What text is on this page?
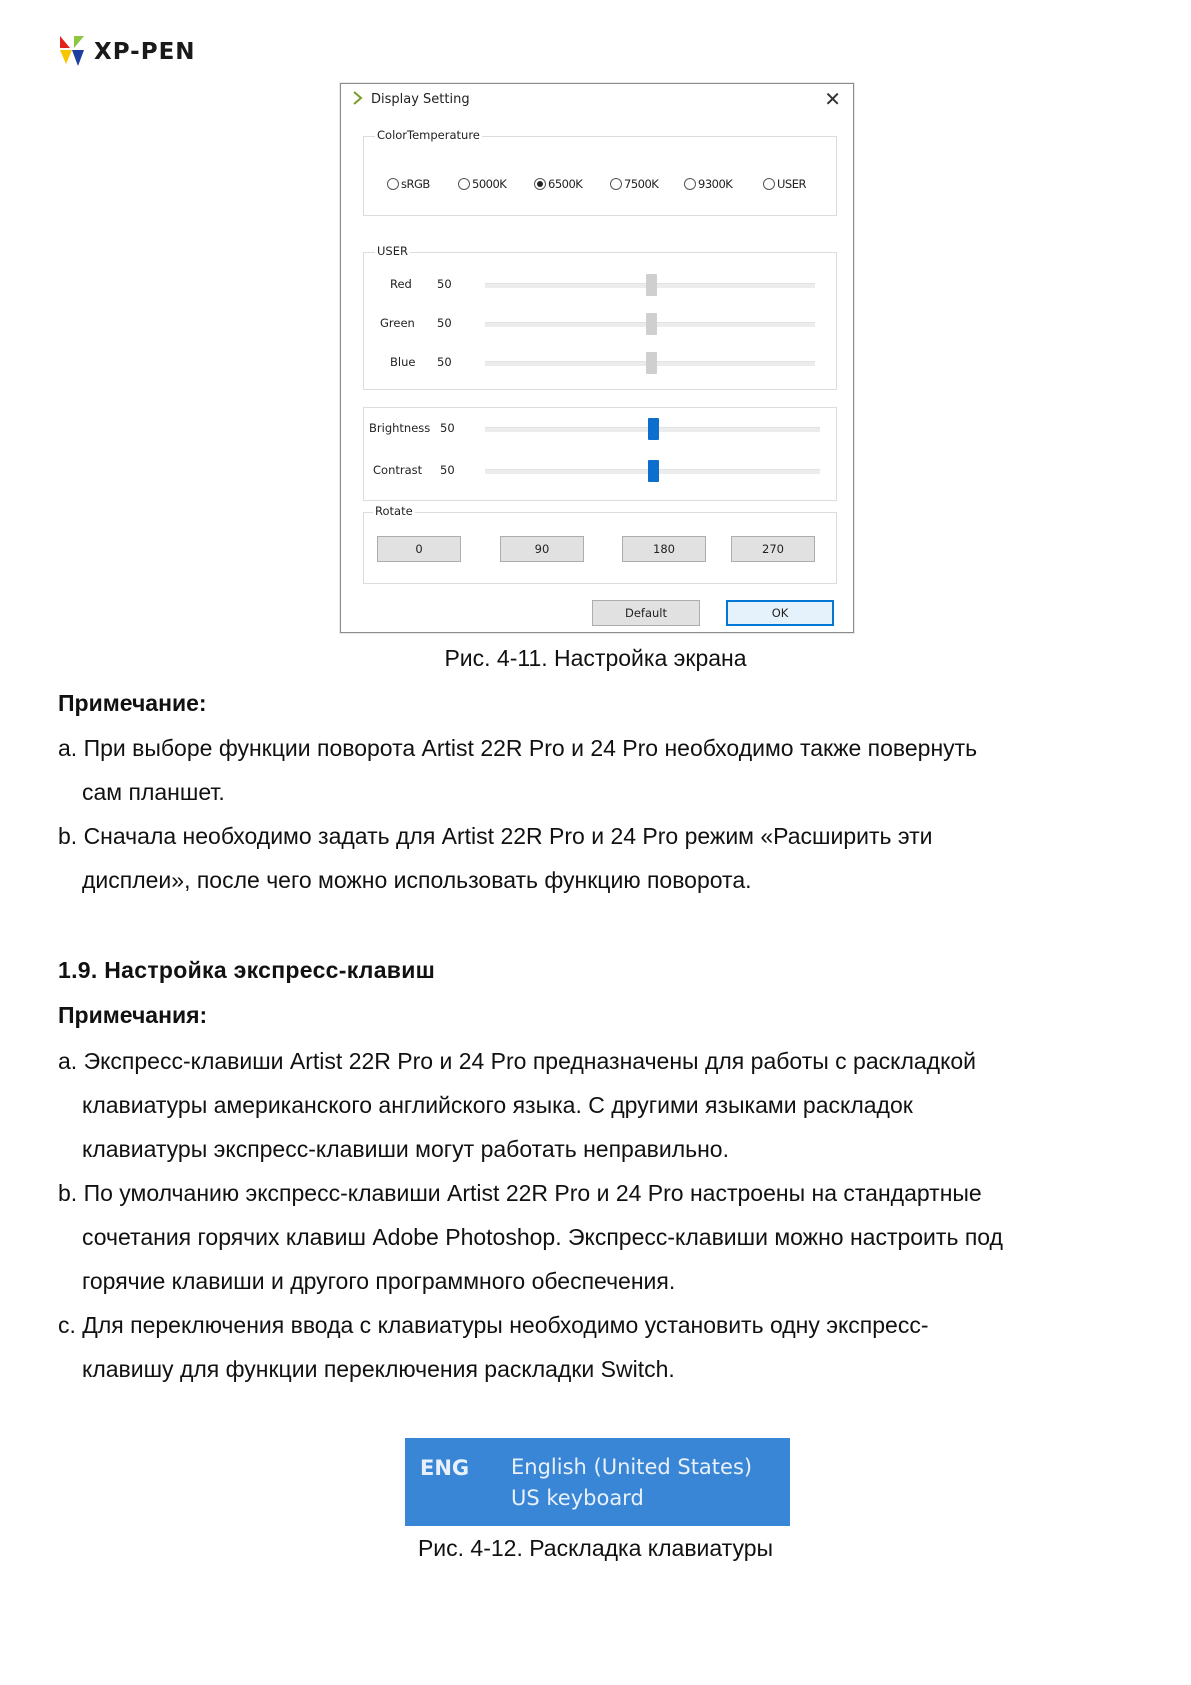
XP-PEN
Display Setting	✕
ColorTemperature
sRGB	5000K	6500K	7500K	9300K	USER
USER
Red 50
Green 50
Blue 50
Brightness 50
Contrast 50
Rotate
0	90	180	270
Default	OK
Рис. 4-11. Настройка экрана
Примечание:
a. При выборе функции поворота Artist 22R Pro и 24 Pro необходимо также повернуть
сам планшет.
b. Сначала необходимо задать для Artist 22R Pro и 24 Pro режим «Расширить эти
дисплеи», после чего можно использовать функцию поворота.
1.9. Настройка экспресс-клавиш
Примечания:
a. Экспресс-клавиши Artist 22R Pro и 24 Pro предназначены для работы с раскладкой
клавиатуры американского английского языка. С другими языками раскладок
клавиатуры экспресс-клавиши могут работать неправильно.
b. По умолчанию экспресс-клавиши Artist 22R Pro и 24 Pro настроены на стандартные
сочетания горячих клавиш Adobe Photoshop. Экспресс-клавиши можно настроить под
горячие клавиши и другого программного обеспечения.
c. Для переключения ввода с клавиатуры необходимо установить одну экспресс-
клавишу для функции переключения раскладки Switch.
ENG English (United States)
US keyboard
Рис. 4-12. Раскладка клавиатуры
